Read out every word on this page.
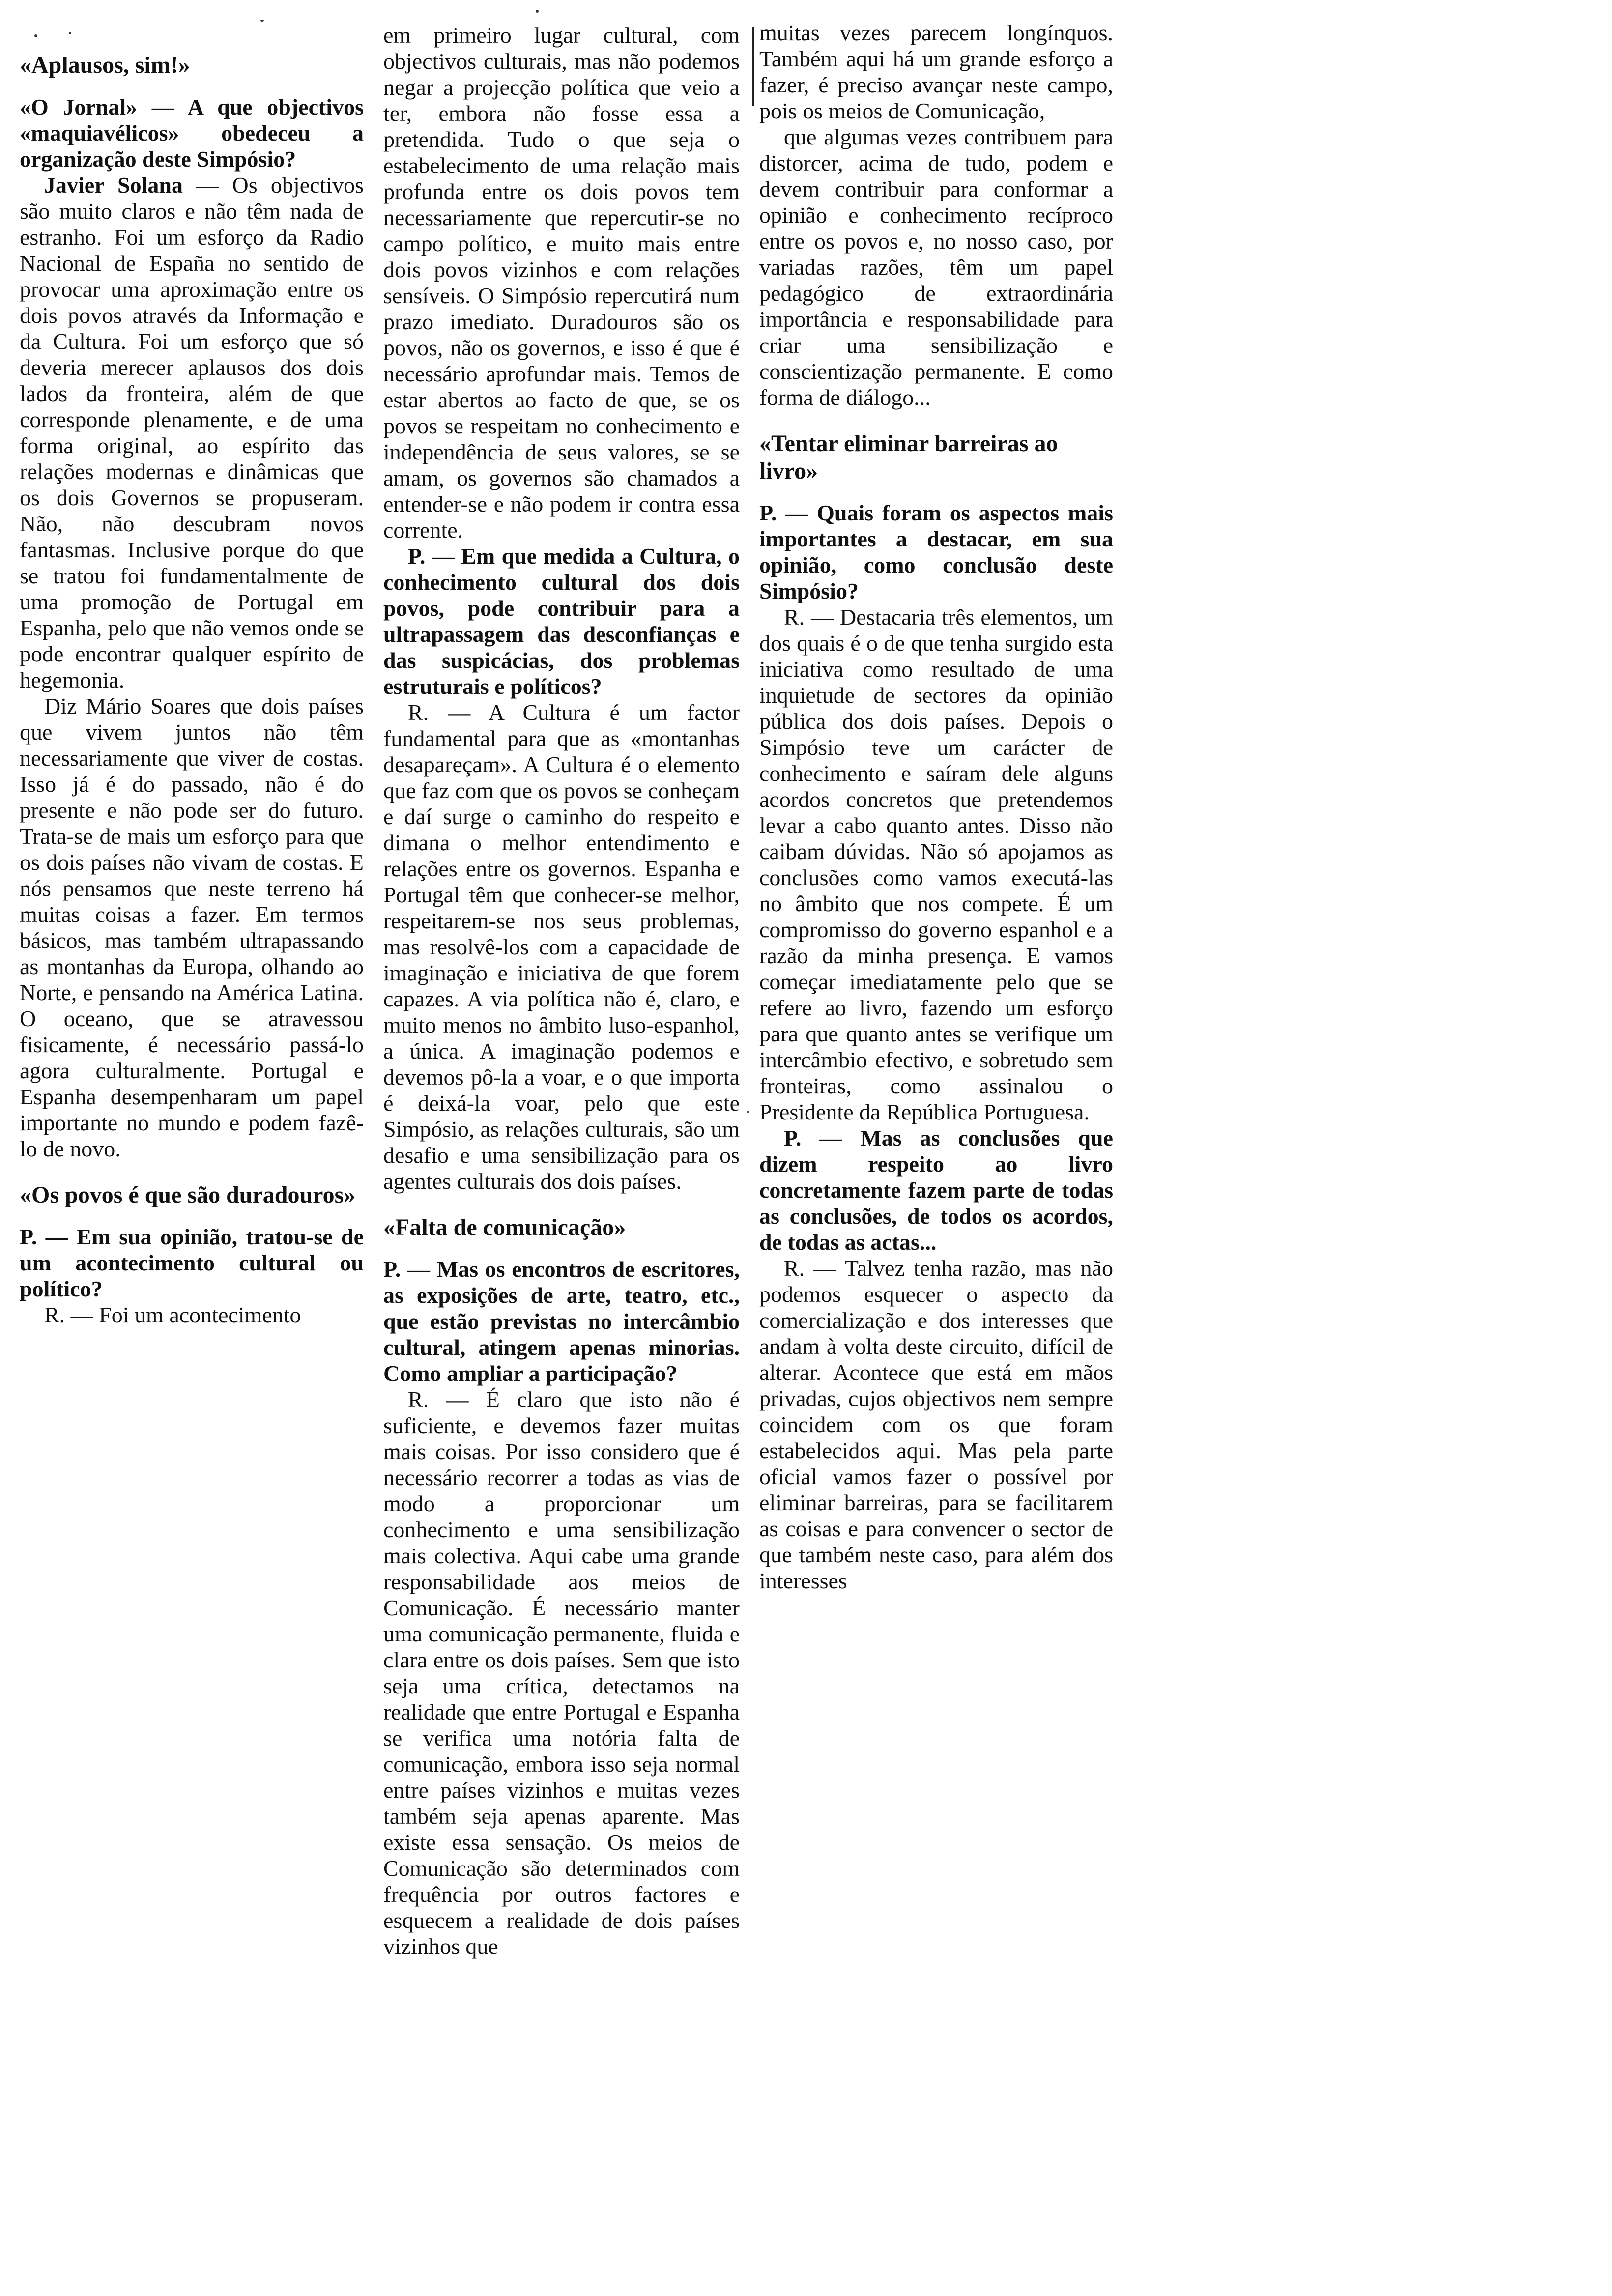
«Aplausos, sim!»

«O Jornal» — A que objectivos «maquiavélicos» obedeceu a organização deste Simpósio?

Javier Solana — Os objectivos são muito claros e não têm nada de estranho. Foi um esforço da Radio Nacional de España no sentido de provocar uma aproximação entre os dois povos através da Informação e da Cultura. Foi um esforço que só deveria merecer aplausos dos dois lados da fronteira, além de que corresponde plenamente, e de uma forma original, ao espírito das relações modernas e dinâmicas que os dois Governos se propuseram. Não, não descubram novos fantasmas. Inclusive porque do que se tratou foi fundamentalmente de uma promoção de Portugal em Espanha, pelo que não vemos onde se pode encontrar qualquer espírito de hegemonia.

Diz Mário Soares que dois países que vivem juntos não têm necessariamente que viver de costas. Isso já é do passado, não é do presente e não pode ser do futuro. Trata-se de mais um esforço para que os dois países não vivam de costas. E nós pensamos que neste terreno há muitas coisas a fazer. Em termos básicos, mas também ultrapassando as montanhas da Europa, olhando ao Norte, e pensando na América Latina. O oceano, que se atravessou fisicamente, é necessário passá-lo agora culturalmente. Portugal e Espanha desempenharam um papel importante no mundo e podem fazê-lo de novo.

«Os povos é que são duradouros»

P. — Em sua opinião, tratou-se de um acontecimento cultural ou político?

R. — Foi um acontecimento

em primeiro lugar cultural, com objectivos culturais, mas não podemos negar a projecção política que veio a ter, embora não fosse essa a pretendida. Tudo o que seja o estabelecimento de uma relação mais profunda entre os dois povos tem necessariamente que repercutir-se no campo político, e muito mais entre dois povos vizinhos e com relações sensíveis. O Simpósio repercutirá num prazo imediato. Duradouros são os povos, não os governos, e isso é que é necessário aprofundar mais. Temos de estar abertos ao facto de que, se os povos se respeitam no conhecimento e independência de seus valores, se se amam, os governos são chamados a entender-se e não podem ir contra essa corrente.

P. — Em que medida a Cultura, o conhecimento cultural dos dois povos, pode contribuir para a ultrapassagem das desconfianças e das suspicácias, dos problemas estruturais e políticos?

R. — A Cultura é um factor fundamental para que as «montanhas desapareçam». A Cultura é o elemento que faz com que os povos se conheçam e daí surge o caminho do respeito e dimana o melhor entendimento e relações entre os governos. Espanha e Portugal têm que conhecer-se melhor, respeitarem-se nos seus problemas, mas resolvê-los com a capacidade de imaginação e iniciativa de que forem capazes. A via política não é, claro, e muito menos no âmbito luso-espanhol, a única. A imaginação podemos e devemos pô-la a voar, e o que importa é deixá-la voar, pelo que este Simpósio, as relações culturais, são um desafio e uma sensibilização para os agentes culturais dos dois países.

«Falta de comunicação»

P. — Mas os encontros de escritores, as exposições de arte, teatro, etc., que estão previstas no intercâmbio cultural, atingem apenas minorias. Como ampliar a participação?

R. — É claro que isto não é suficiente, e devemos fazer muitas mais coisas. Por isso considero que é necessário recorrer a todas as vias de modo a proporcionar um conhecimento e uma sensibilização mais colectiva. Aqui cabe uma grande responsabilidade aos meios de Comunicação. É necessário manter uma comunicação permanente, fluida e clara entre os dois países. Sem que isto seja uma crítica, detectamos na realidade que entre Portugal e Espanha se verifica uma notória falta de comunicação, embora isso seja normal entre países vizinhos e muitas vezes também seja apenas aparente. Mas existe essa sensação. Os meios de Comunicação são determinados com frequência por outros factores e esquecem a realidade de dois países vizinhos que

muitas vezes parecem longínquos. Também aqui há um grande esforço a fazer, é preciso avançar neste campo, pois os meios de Comunicação,

que algumas vezes contribuem para distorcer, acima de tudo, podem e devem contribuir para conformar a opinião e conhecimento recíproco entre os povos e, no nosso caso, por variadas razões, têm um papel pedagógico de extraordinária importância e responsabilidade para criar uma sensibilização e conscientização permanente. E como forma de diálogo...

«Tentar eliminar barreiras ao livro»

P. — Quais foram os aspectos mais importantes a destacar, em sua opinião, como conclusão deste Simpósio?

R. — Destacaria três elementos, um dos quais é o de que tenha surgido esta iniciativa como resultado de uma inquietude de sectores da opinião pública dos dois países. Depois o Simpósio teve um carácter de conhecimento e saíram dele alguns acordos concretos que pretendemos levar a cabo quanto antes. Disso não caibam dúvidas. Não só apojamos as conclusões como vamos executá-las no âmbito que nos compete. É um compromisso do governo espanhol e a razão da minha presença. E vamos começar imediatamente pelo que se refere ao livro, fazendo um esforço para que quanto antes se verifique um intercâmbio efectivo, e sobretudo sem fronteiras, como assinalou o Presidente da República Portuguesa.

P. — Mas as conclusões que dizem respeito ao livro concretamente fazem parte de todas as conclusões, de todos os acordos, de todas as actas...

R. — Talvez tenha razão, mas não podemos esquecer o aspecto da comercialização e dos interesses que andam à volta deste circuito, difícil de alterar. Acontece que está em mãos privadas, cujos objectivos nem sempre coincidem com os que foram estabelecidos aqui. Mas pela parte oficial vamos fazer o possível por eliminar barreiras, para se facilitarem as coisas e para convencer o sector de que também neste caso, para além dos interesses
